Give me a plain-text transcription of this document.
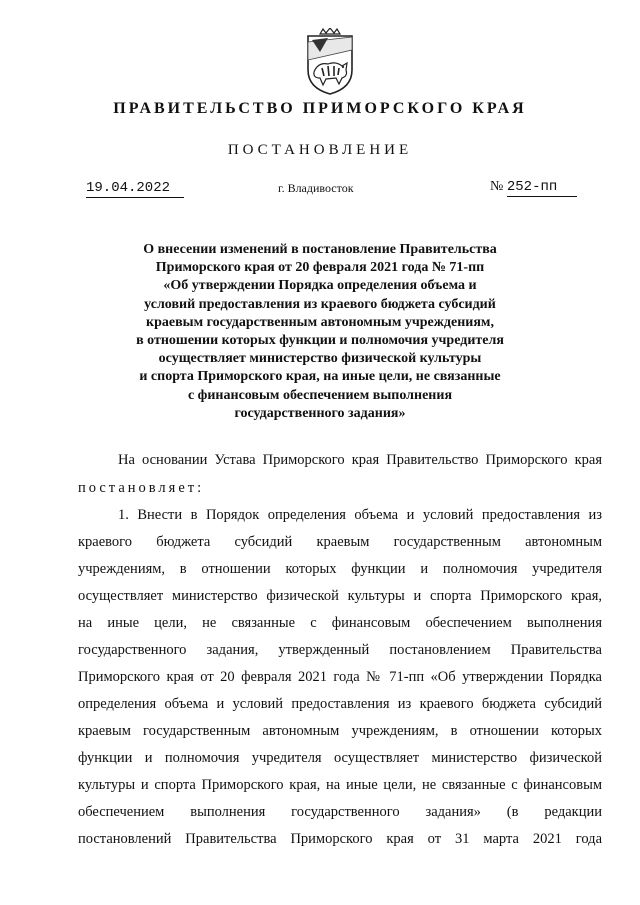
ПРАВИТЕЛЬСТВО ПРИМОРСКОГО КРАЯ
ПОСТАНОВЛЕНИЕ
19.04.2022	г. Владивосток	№ 252-пп
О внесении изменений в постановление Правительства
Приморского края от 20 февраля 2021 года № 71-пп
«Об утверждении Порядка определения объема и
условий предоставления из краевого бюджета субсидий
краевым государственным автономным учреждениям,
в отношении которых функции и полномочия учредителя
осуществляет министерство физической культуры
и спорта Приморского края, на иные цели, не связанные
с финансовым обеспечением выполнения
государственного задания»
На основании Устава Приморского края Правительство Приморского края
постановляет:
1. Внести в Порядок определения объема и условий предоставления из
краевого бюджета субсидий краевым государственным автономным
учреждениям, в отношении которых функции и полномочия учредителя
осуществляет министерство физической культуры и спорта Приморского края,
на иные цели, не связанные с финансовым обеспечением выполнения
государственного задания, утвержденный постановлением Правительства
Приморского края от 20 февраля 2021 года № 71-пп «Об утверждении Порядка
определения объема и условий предоставления из краевого бюджета субсидий
краевым государственным автономным учреждениям, в отношении которых
функции и полномочия учредителя осуществляет министерство физической
культуры и спорта Приморского края, на иные цели, не связанные с финансовым
обеспечением выполнения государственного задания» (в редакции
постановлений Правительства Приморского края от 31 марта 2021 года
